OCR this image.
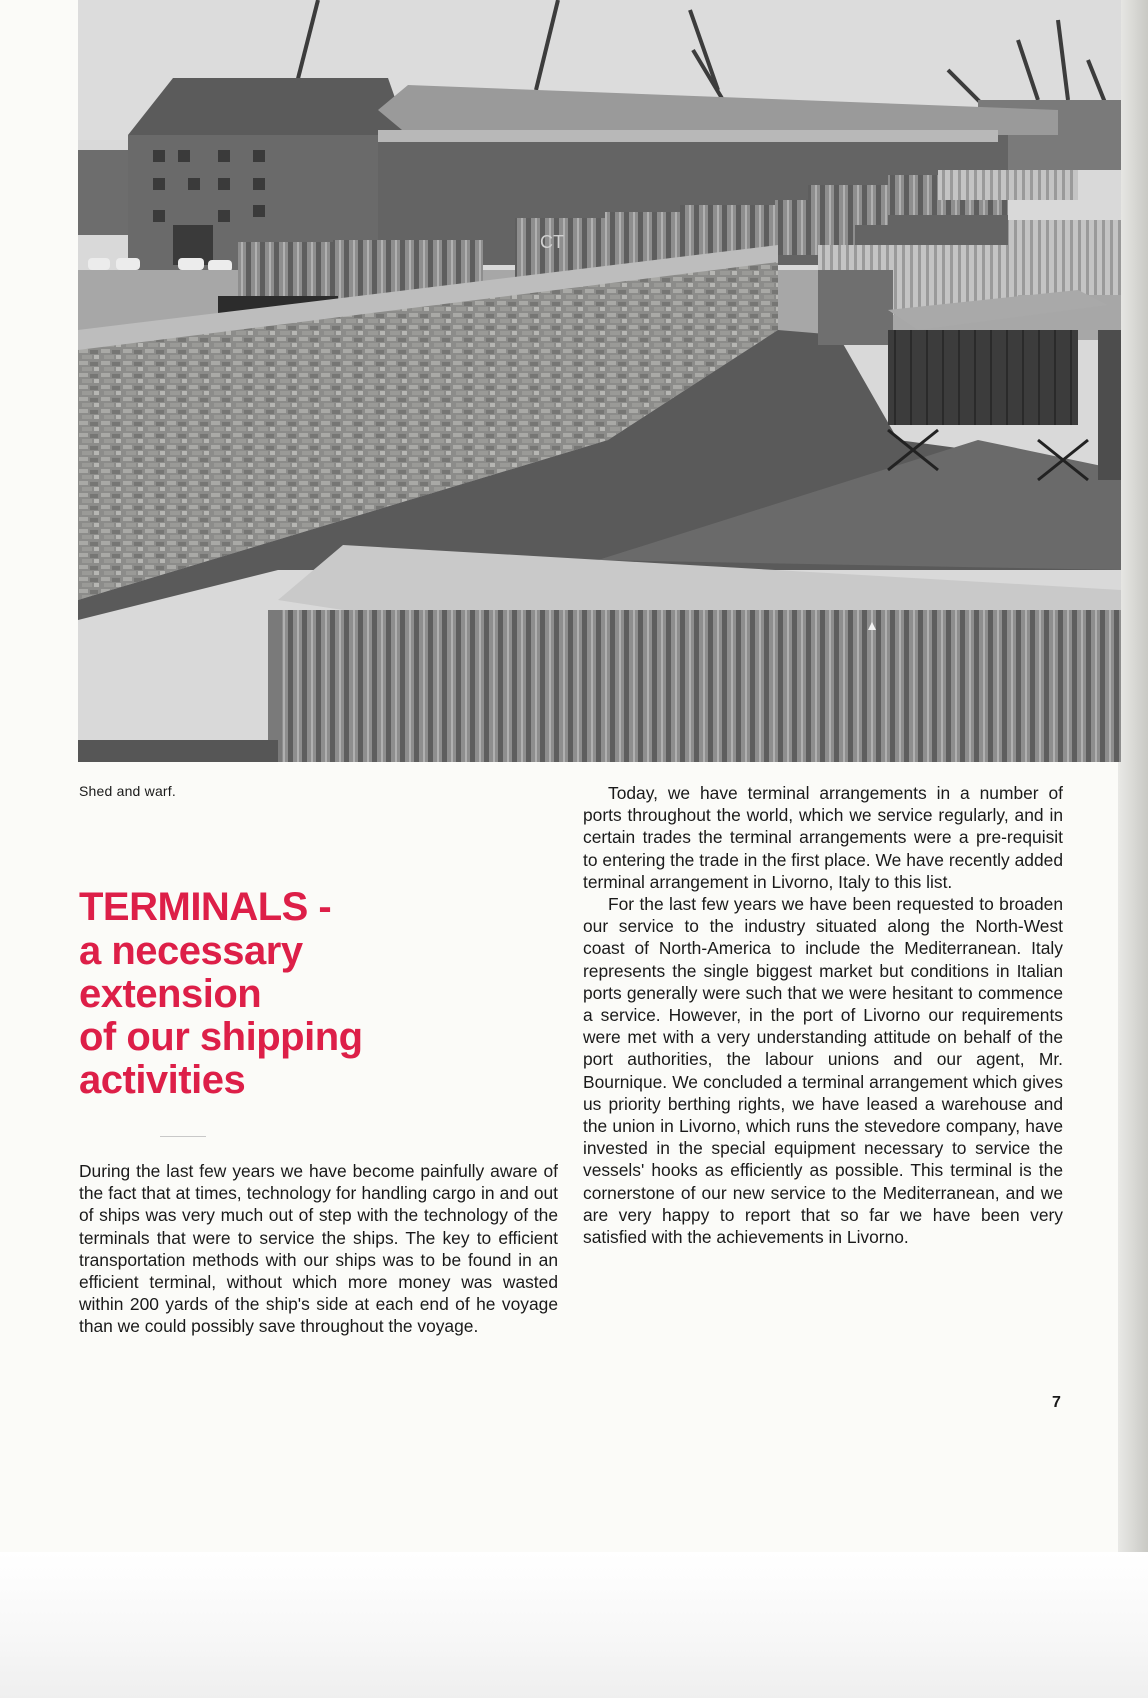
CT
Shed and warf.
TERMINALS -
a necessary
extension
of our shipping
activities

During the last few years we have become painfully aware of the fact that at times, technology for handling cargo in and out of ships was very much out of step with the technology of the terminals that were to service the ships. The key to efficient transportation methods with our ships was to be found in an efficient terminal, without which more money was wasted within 200 yards of the ship's side at each end of he voyage than we could possibly save throughout the voyage.

Today, we have terminal arrangements in a number of ports throughout the world, which we service regularly, and in certain trades the terminal arrangements were a pre-requisit to entering the trade in the first place. We have recently added terminal arrangement in Livorno, Italy to this list.

For the last few years we have been requested to broaden our service to the industry situated along the North-West coast of North-America to include the Mediterranean. Italy represents the single biggest market but conditions in Italian ports generally were such that we were hesitant to commence a service. However, in the port of Livorno our requirements were met with a very understanding attitude on behalf of the port authorities, the labour unions and our agent, Mr. Bournique. We concluded a terminal arrangement which gives us priority berthing rights, we have leased a warehouse and the union in Livorno, which runs the stevedore company, have invested in the special equipment necessary to service the vessels' hooks as efficiently as possible. This terminal is the cornerstone of our new service to the Mediterranean, and we are very happy to report that so far we have been very satisfied with the achievements in Livorno.

7
